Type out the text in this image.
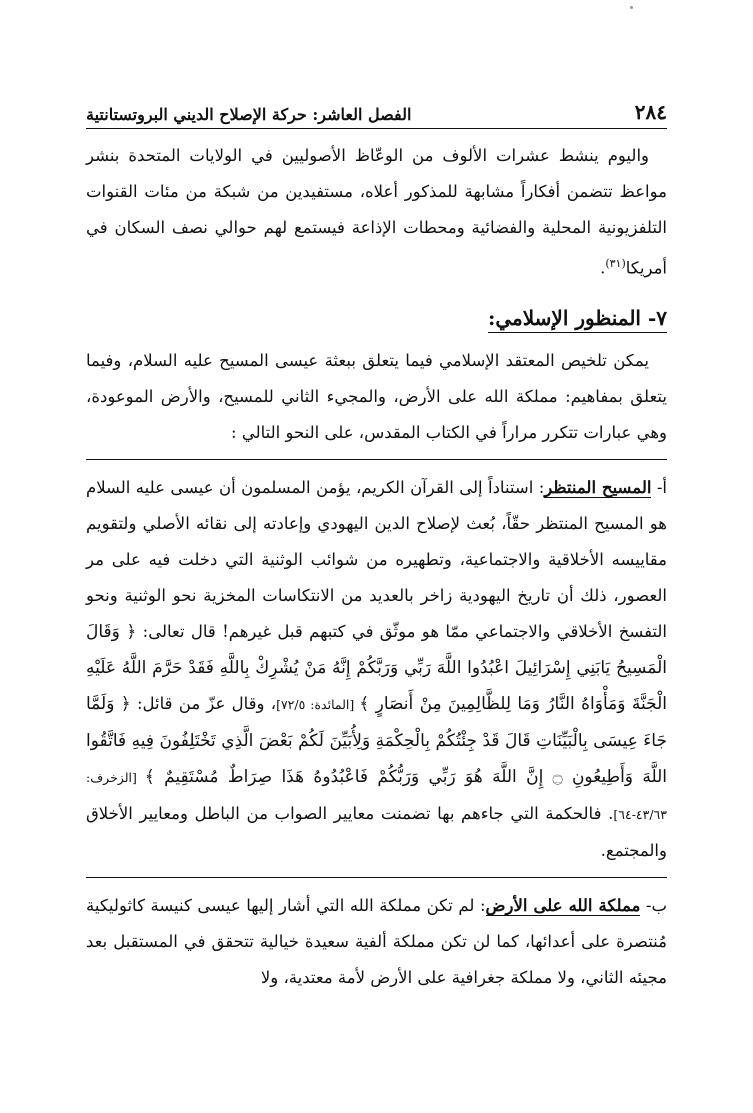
٢٨٤
الفصل العاشر: حركة الإصلاح الديني البروتستانتية

واليوم ينشط عشرات الألوف من الوعّاظ الأصوليين في الولايات المتحدة بنشر مواعظ تتضمن أفكاراً مشابهة للمذكور أعلاه، مستفيدين من شبكة من مئات القنوات التلفزيونية المحلية والفضائية ومحطات الإذاعة فيستمع لهم حوالي نصف السكان في أمريكا$^{(٣١)}$.

٧- المنظور الإسلامي:

يمكن تلخيص المعتقد الإسلامي فيما يتعلق ببعثة عيسى المسيح عليه السلام، وفيما يتعلق بمفاهيم: مملكة الله على الأرض، والمجيء الثاني للمسيح، والأرض الموعودة، وهي عبارات تتكرر مراراً في الكتاب المقدس، على النحو التالي :

أ- المسيح المنتظر: استناداً إلى القرآن الكريم، يؤمن المسلمون أن عيسى عليه السلام هو المسيح المنتظر حقّاً، بُعث لإصلاح الدين اليهودي وإعادته إلى نقائه الأصلي ولتقويم مقاييسه الأخلاقية والاجتماعية، وتطهيره من شوائب الوثنية التي دخلت فيه على مر العصور، ذلك أن تاريخ اليهودية زاخر بالعديد من الانتكاسات المخزية نحو الوثنية ونحو التفسخ الأخلاقي والاجتماعي ممّا هو موثّق في كتبهم قبل غيرهم! قال تعالى: ﴿ وَقَالَ الْمَسِيحُ يَابَنِي إِسْرَائِيلَ اعْبُدُوا اللَّهَ رَبِّي وَرَبَّكُمْ إِنَّهُ مَنْ يُشْرِكْ بِاللَّهِ فَقَدْ حَرَّمَ اللَّهُ عَلَيْهِ الْجَنَّةَ وَمَأْوَاهُ النَّارُ وَمَا لِلظَّالِمِينَ مِنْ أَنصَارٍ ﴾ [المائدة: ٧٢/٥]، وقال عزّ من قائل: ﴿ وَلَمَّا جَاءَ عِيسَى بِالْبَيِّنَاتِ قَالَ قَدْ جِئْتُكُمْ بِالْحِكْمَةِ وَلِأُبَيِّنَ لَكُمْ بَعْضَ الَّذِي تَخْتَلِفُونَ فِيهِ فَاتَّقُوا اللَّهَ وَأَطِيعُونِ ۝ إِنَّ اللَّهَ هُوَ رَبِّي وَرَبُّكُمْ فَاعْبُدُوهُ هَذَا صِرَاطٌ مُسْتَقِيمٌ ﴾ [الزخرف: ٤٣/٦٣-٦٤]. فالحكمة التي جاءهم بها تضمنت معايير الصواب من الباطل ومعايير الأخلاق والمجتمع.

ب- مملكة الله على الأرض: لم تكن مملكة الله التي أشار إليها عيسى كنيسة كاثوليكية مُنتصرة على أعدائها، كما لن تكن مملكة ألفية سعيدة خيالية تتحقق في المستقبل بعد مجيئه الثاني، ولا مملكة جغرافية على الأرض لأمة معتدية، ولا
